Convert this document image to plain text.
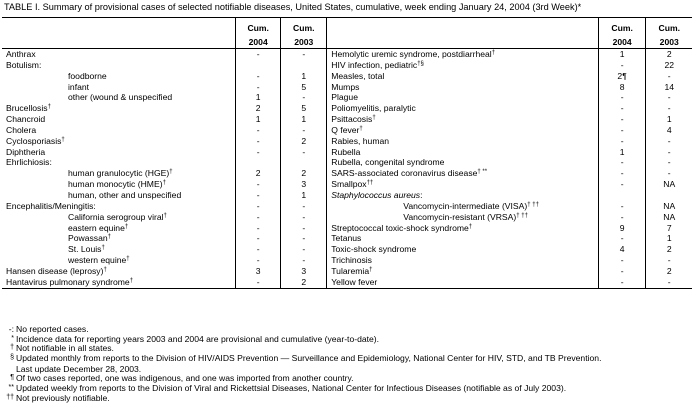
TABLE I. Summary of provisional cases of selected notifiable diseases, United States, cumulative, week ending January 24, 2004 (3rd Week)*
	Cum.	Cum.		Cum.	Cum.
	2004	2003		2004	2003
Anthrax	-	-	Hemolytic uremic syndrome, postdiarrheal†	1	2
Botulism:			HIV infection, pediatric†§	-	22
foodborne	-	1	Measles, total	2¶	-
infant	-	5	Mumps	8	14
other (wound & unspecified	1	-	Plague	-	-
Brucellosis†	2	5	Poliomyelitis, paralytic	-	-
Chancroid	1	1	Psittacosis†	-	1
Cholera	-	-	Q fever†	-	4
Cyclosporiasis†	-	2	Rabies, human	-	-
Diphtheria	-	-	Rubella	1	-
Ehrlichiosis:			Rubella, congenital syndrome	-	-
human granulocytic (HGE)†	2	2	SARS-associated coronavirus disease† **	-	-
human monocytic (HME)†	-	3	Smallpox††	-	NA
human, other and unspecified	-	1	Staphylococcus aureus:		
Encephalitis/Meningitis:	-	-	Vancomycin-intermediate (VISA)† ††	-	NA
California serogroup viral†	-	-	Vancomycin-resistant (VRSA)† ††	-	NA
eastern equine†	-	-	Streptococcal toxic-shock syndrome†	9	7
Powassan†	-	-	Tetanus	-	1
St. Louis†	-	-	Toxic-shock syndrome	4	2
western equine†	-	-	Trichinosis	-	-
Hansen disease (leprosy)†	3	3	Tularemia†	-	2
Hantavirus pulmonary syndrome†	-	2	Yellow fever	-	-
-: No reported cases.
* Incidence data for reporting years 2003 and 2004 are provisional and cumulative (year-to-date).
† Not notifiable in all states.
§ Updated monthly from reports to the Division of HIV/AIDS Prevention — Surveillance and Epidemiology, National Center for HIV, STD, and TB Prevention.
Last update December 28, 2003.
¶ Of two cases reported, one was indigenous, and one was imported from another country.
** Updated weekly from reports to the Division of Viral and Rickettsial Diseases, National Center for Infectious Diseases (notifiable as of July 2003).
†† Not previously notifiable.
